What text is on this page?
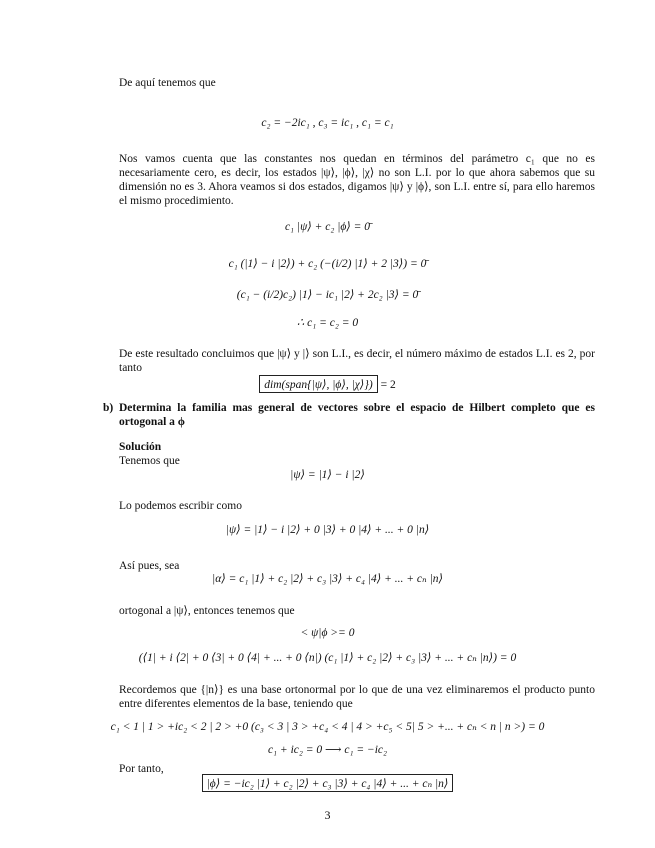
De aquí tenemos que
c₂ = −2ic₁ , c₃ = ic₁ , c₁ = c₁
Nos vamos cuenta que las constantes nos quedan en términos del parámetro c₁ que no es necesariamente cero, es decir, los estados |ψ⟩, |ϕ⟩, |χ⟩ no son L.I. por lo que ahora sabemos que su dimensión no es 3. Ahora veamos si dos estados, digamos |ψ⟩ y |ϕ⟩, son L.I. entre sí, para ello haremos el mismo procedimiento.
c₁ |ψ⟩ + c₂ |ϕ⟩ = 0̄
c₁ (|1⟩ − i |2⟩) + c₂ (−(i/2) |1⟩ + 2 |3⟩) = 0̄
(c₁ − (i/2)c₂) |1⟩ − ic₁ |2⟩ + 2c₂ |3⟩ = 0̄
∴ c₁ = c₂ = 0
De este resultado concluimos que |ψ⟩ y |⟩ son L.I., es decir, el número máximo de estados L.I. es 2, por tanto
dim(span{|ψ⟩, |ϕ⟩, |χ⟩}) = 2
b) Determina la familia mas general de vectores sobre el espacio de Hilbert completo que es ortogonal a ϕ
Solución
Tenemos que
|ψ⟩ = |1⟩ − i |2⟩
Lo podemos escribir como
|ψ⟩ = |1⟩ − i |2⟩ + 0 |3⟩ + 0 |4⟩ + ... + 0 |n⟩
Así pues, sea
|α⟩ = c₁ |1⟩ + c₂ |2⟩ + c₃ |3⟩ + c₄ |4⟩ + ... + cₙ |n⟩
ortogonal a |ψ⟩, entonces tenemos que
< ψ|ϕ >= 0
(⟨1| + i ⟨2| + 0 ⟨3| + 0 ⟨4| + ... + 0 ⟨n|) (c₁ |1⟩ + c₂ |2⟩ + c₃ |3⟩ + ... + cₙ |n⟩) = 0
Recordemos que {|n⟩} es una base ortonormal por lo que de una vez eliminaremos el producto punto entre diferentes elementos de la base, teniendo que
c₁ < 1 | 1 > +ic₂ < 2 | 2 > +0 (c₃ < 3 | 3 > +c₄ < 4 | 4 > +c₅ < 5| 5 > +... + cₙ < n | n >) = 0
c₁ + ic₂ = 0 ⟶ c₁ = −ic₂
Por tanto,
|ϕ⟩ = −ic₂ |1⟩ + c₂ |2⟩ + c₃ |3⟩ + c₄ |4⟩ + ... + cₙ |n⟩
3
